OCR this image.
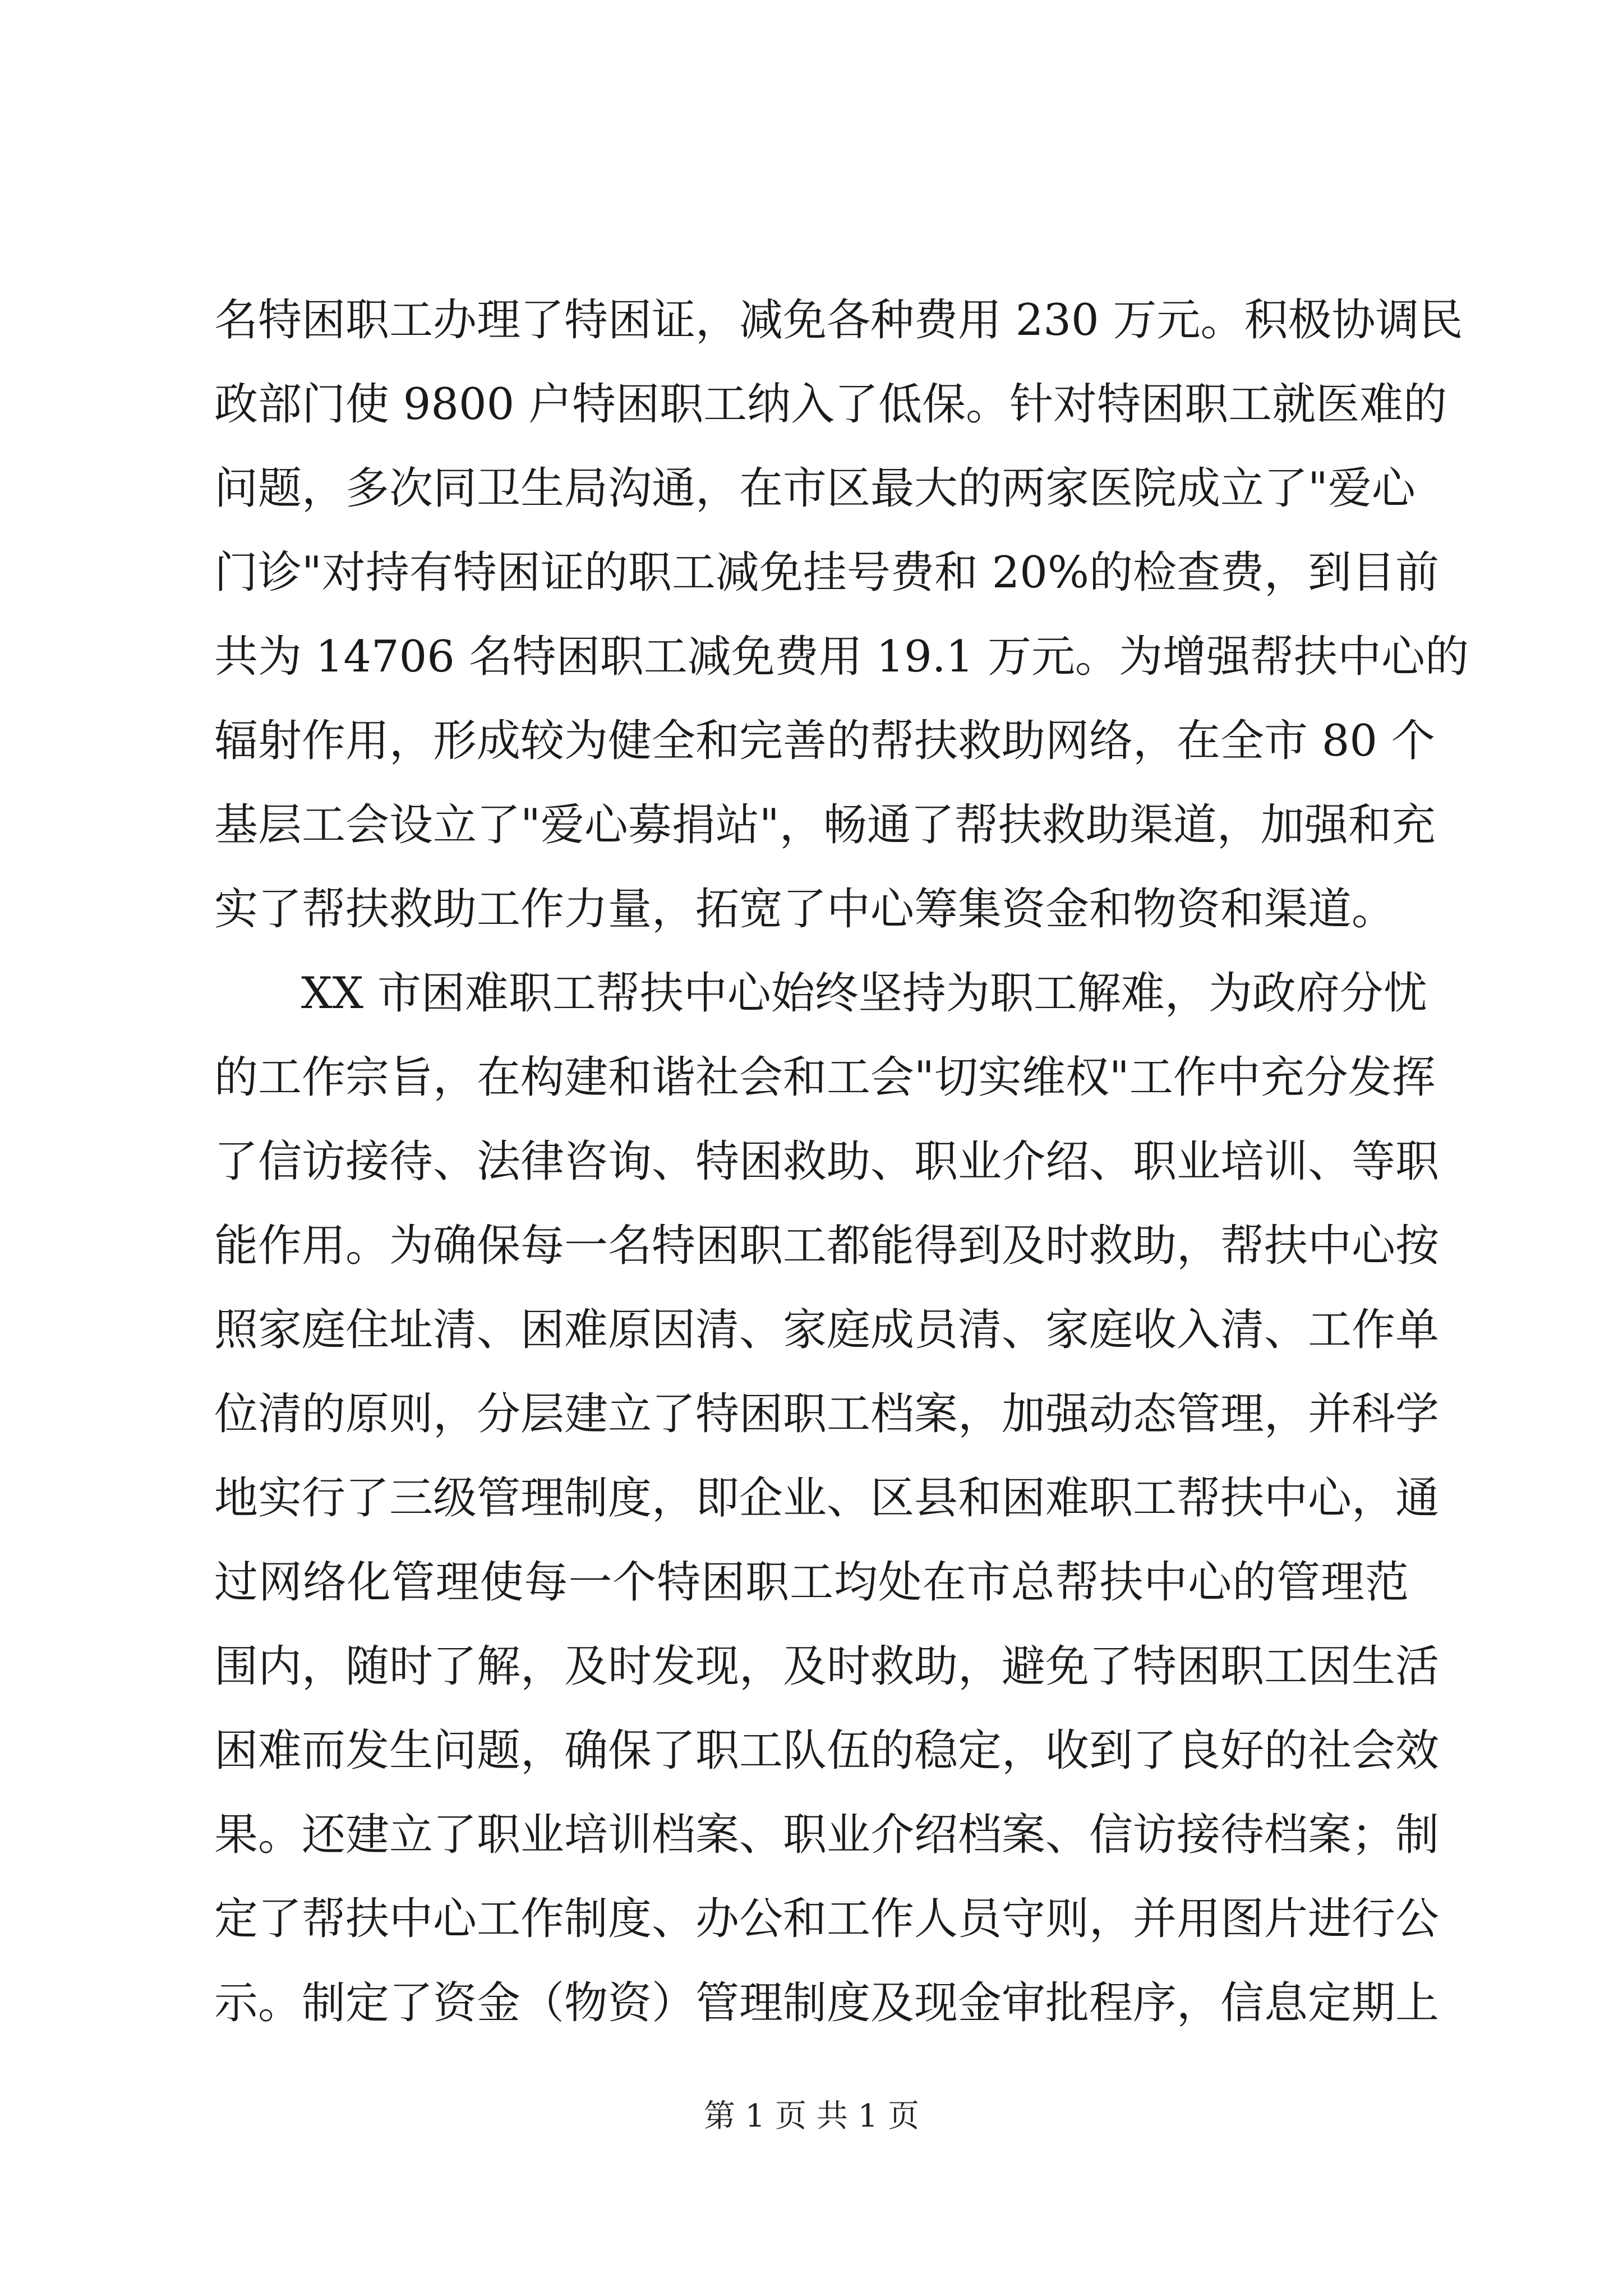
名特困职工办理了特困证，减免各种费用 230 万元。积极协调民
政部门使 9800 户特困职工纳入了低保。针对特困职工就医难的
问题，多次同卫生局沟通，在市区最大的两家医院成立了"爱心
门诊"对持有特困证的职工减免挂号费和 20%的检查费，到目前
共为 14706 名特困职工减免费用 19.1 万元。为增强帮扶中心的
辐射作用，形成较为健全和完善的帮扶救助网络，在全市 80 个
基层工会设立了"爱心募捐站"，畅通了帮扶救助渠道，加强和充
实了帮扶救助工作力量，拓宽了中心筹集资金和物资和渠道。
XX 市困难职工帮扶中心始终坚持为职工解难，为政府分忧
的工作宗旨，在构建和谐社会和工会"切实维权"工作中充分发挥
了信访接待、法律咨询、特困救助、职业介绍、职业培训、等职
能作用。为确保每一名特困职工都能得到及时救助，帮扶中心按
照家庭住址清、困难原因清、家庭成员清、家庭收入清、工作单
位清的原则，分层建立了特困职工档案，加强动态管理，并科学
地实行了三级管理制度，即企业、区县和困难职工帮扶中心，通
过网络化管理使每一个特困职工均处在市总帮扶中心的管理范
围内，随时了解，及时发现，及时救助，避免了特困职工因生活
困难而发生问题，确保了职工队伍的稳定，收到了良好的社会效
果。还建立了职业培训档案、职业介绍档案、信访接待档案；制
定了帮扶中心工作制度、办公和工作人员守则，并用图片进行公
示。制定了资金（物资）管理制度及现金审批程序，信息定期上
第 1 页 共 1 页
